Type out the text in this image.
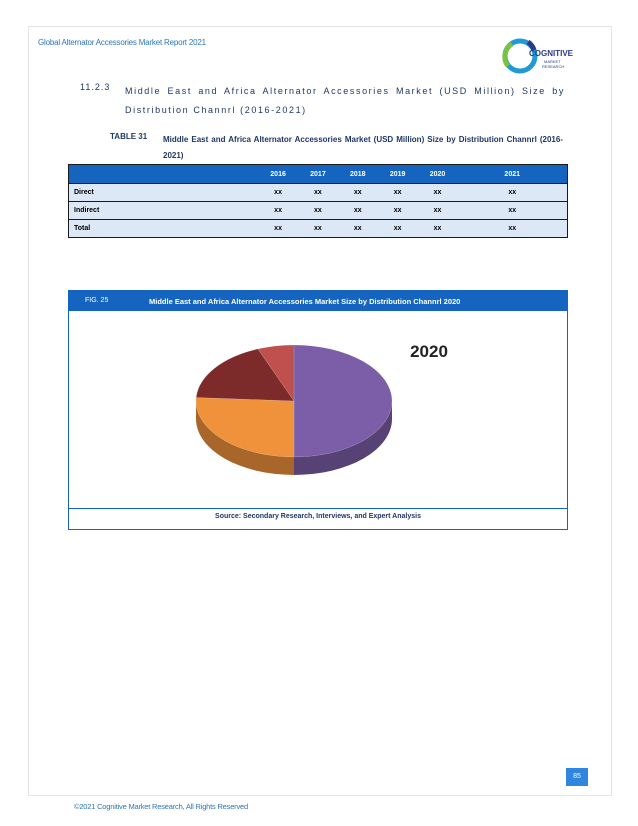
Global Alternator Accessories Market Report 2021
COGNITIVE
MARKET
RESEARCH
11.2.3 Middle East and Africa Alternator Accessories Market (USD Million) Size by Distribution Channrl (2016-2021)
TABLE 31 Middle East and Africa Alternator Accessories Market (USD Million) Size by Distribution Channrl (2016-2021)
	2016	2017	2018	2019	2020	2021
Direct	xx	xx	xx	xx	xx	xx
Indirect	xx	xx	xx	xx	xx	xx
Total	xx	xx	xx	xx	xx	xx
FIG. 25	Middle East and Africa Alternator Accessories Market Size by Distribution Channrl 2020
2020
Source: Secondary Research, Interviews, and Expert Analysis
85
©2021 Cognitive Market Research, All Rights Reserved
